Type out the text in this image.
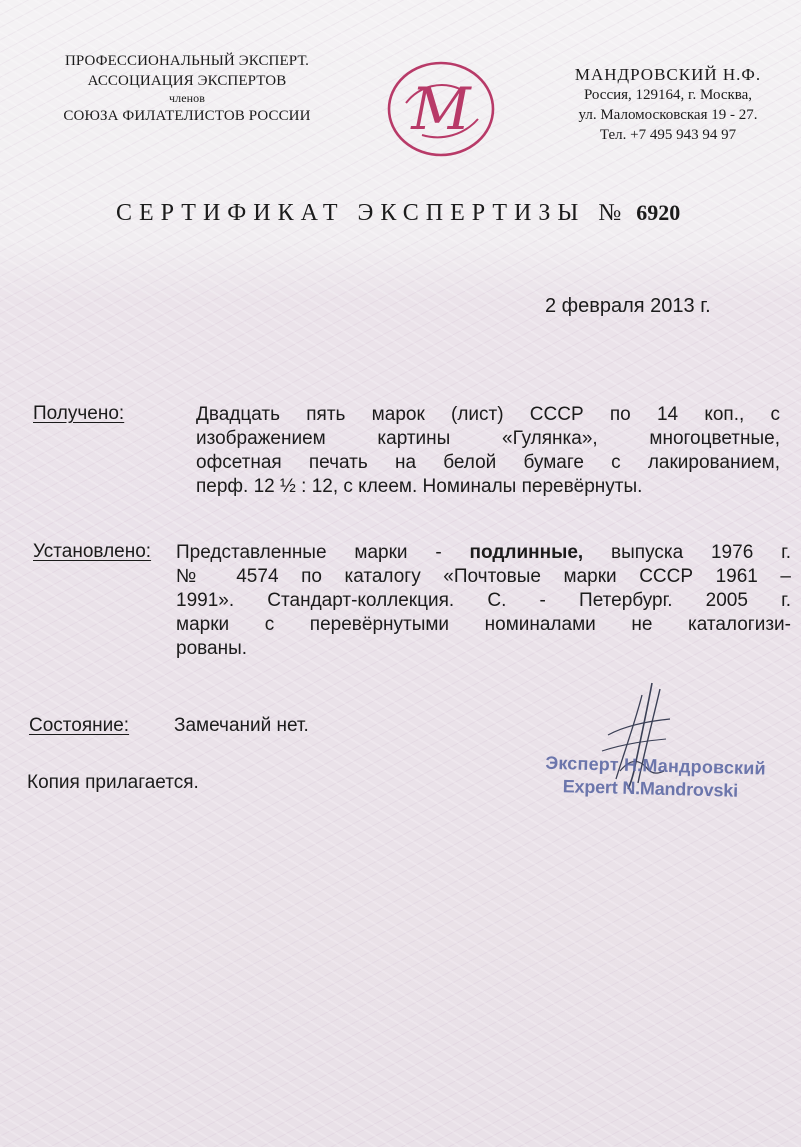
ПРОФЕССИОНАЛЬНЫЙ ЭКСПЕРТ.
АССОЦИАЦИЯ ЭКСПЕРТОВ

членов
СОЮЗА ФИЛАТЕЛИСТОВ РОССИИ	М
МАНДРОВСКИЙ Н.Ф.
Россия, 129164, г. Москва,
ул. Маломосковская 19 - 27.
Тел. +7 495 943 94 97
СЕРТИФИКАТ ЭКСПЕРТИЗЫ № 6920
2 февраля 2013 г.
Получено:	Двадцать пять марок (лист) СССР по 14 коп., с
изображением картины «Гулянка», многоцветные,
офсетная печать на белой бумаге с лакированием,
перф. 12 ½ : 12, с клеем. Номиналы перевёрнуты.
Установлено: Представленные марки - подлинные, выпуска 1976 г.
№ 4574 по каталогу «Почтовые марки СССР 1961 –
1991». Стандарт-коллекция. С. - Петербург. 2005 г.
марки с перевёрнутыми номиналами не каталогизи-
рованы.
Состояние: Замечаний нет.
Копия прилагается.
Эксперт Н.Мандровский

Expert N.Mandrovski
